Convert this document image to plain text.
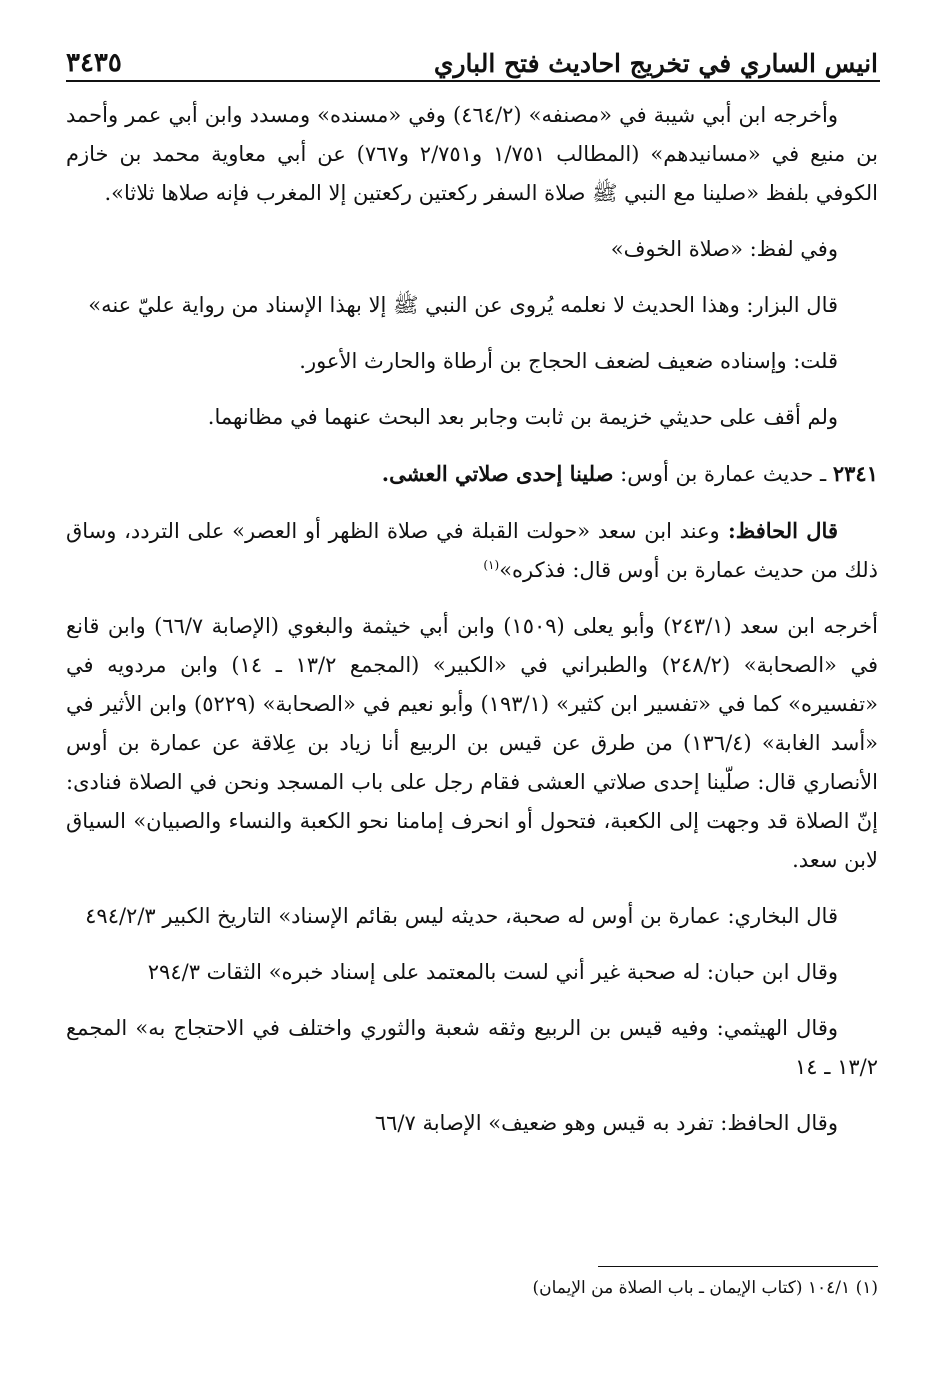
انيس الساري في تخريج احاديث فتح الباري
٣٤٣٥

وأخرجه ابن أبي شيبة في «مصنفه» (٤٦٤/٢) وفي «مسنده» ومسدد وابن أبي عمر وأحمد بن منيع في «مسانيدهم» (المطالب ١/٧٥١ و٢/٧٥١ و٧٦٧) عن أبي معاوية محمد بن خازم الكوفي بلفظ «صلينا مع النبي ﷺ صلاة السفر ركعتين ركعتين إلا المغرب فإنه صلاها ثلاثا».

وفي لفظ: «صلاة الخوف»

قال البزار: وهذا الحديث لا نعلمه يُروى عن النبي ﷺ إلا بهذا الإسناد من رواية عليّ عنه»

قلت: وإسناده ضعيف لضعف الحجاج بن أرطاة والحارث الأعور.

ولم أقف على حديثي خزيمة بن ثابت وجابر بعد البحث عنهما في مظانهما.

٢٣٤١ ـ حديث عمارة بن أوس: صلينا إحدى صلاتي العشى.

قال الحافظ: وعند ابن سعد «حولت القبلة في صلاة الظهر أو العصر» على التردد، وساق ذلك من حديث عمارة بن أوس قال: فذكره»$^{(١)}$

أخرجه ابن سعد (٢٤٣/١) وأبو يعلى (١٥٠٩) وابن أبي خيثمة والبغوي (الإصابة ٦٦/٧) وابن قانع في «الصحابة» (٢٤٨/٢) والطبراني في «الكبير» (المجمع ١٣/٢ ـ ١٤) وابن مردويه في «تفسيره» كما في «تفسير ابن كثير» (١٩٣/١) وأبو نعيم في «الصحابة» (٥٢٢٩) وابن الأثير في «أسد الغابة» (١٣٦/٤) من طرق عن قيس بن الربيع أنا زياد بن عِلاقة عن عمارة بن أوس الأنصاري قال: صلّينا إحدى صلاتي العشى فقام رجل على باب المسجد ونحن في الصلاة فنادى: إنّ الصلاة قد وجهت إلى الكعبة، فتحول أو انحرف إمامنا نحو الكعبة والنساء والصبيان» السياق لابن سعد.

قال البخاري: عمارة بن أوس له صحبة، حديثه ليس بقائم الإسناد» التاريخ الكبير ٤٩٤/٢/٣

وقال ابن حبان: له صحبة غير أني لست بالمعتمد على إسناد خبره» الثقات ٢٩٤/٣

وقال الهيثمي: وفيه قيس بن الربيع وثقه شعبة والثوري واختلف في الاحتجاج به» المجمع ١٣/٢ ـ ١٤

وقال الحافظ: تفرد به قيس وهو ضعيف» الإصابة ٦٦/٧

(١) ١٠٤/١ (كتاب الإيمان ـ باب الصلاة من الإيمان)
